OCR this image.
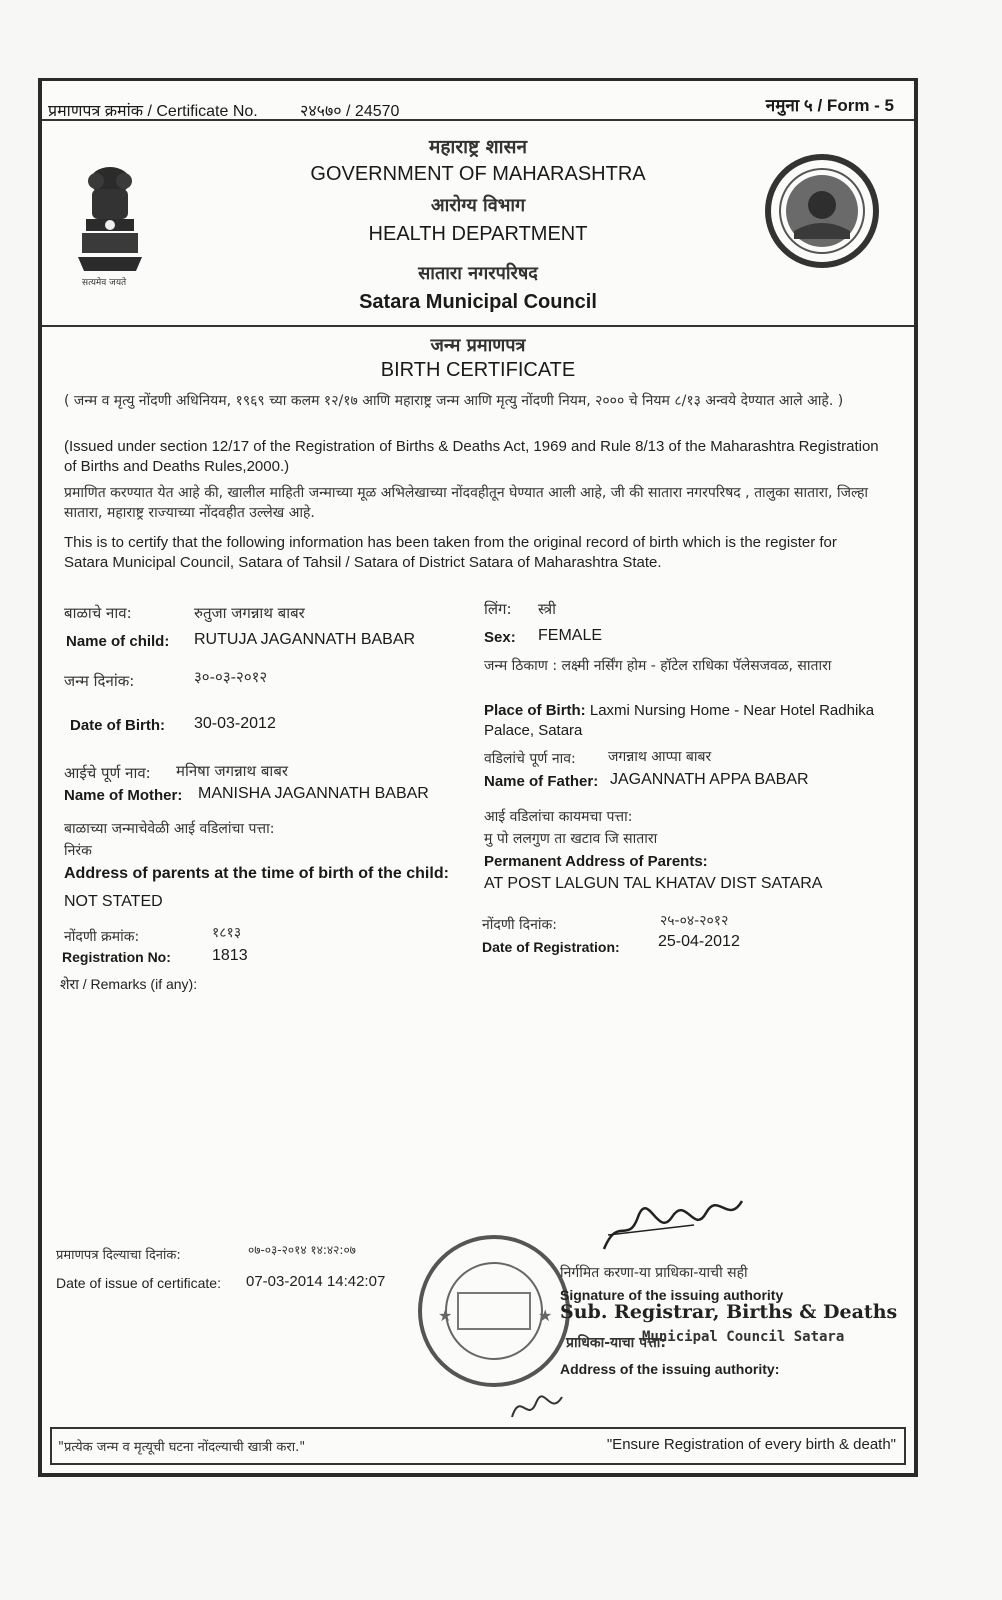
प्रमाणपत्र क्रमांक / Certificate No.	२४५७० / 24570	नमुना ५ / Form - 5
सत्यमेव जयते
महाराष्ट्र शासन
GOVERNMENT OF MAHARASHTRA
आरोग्य विभाग
HEALTH DEPARTMENT
सातारा नगरपरिषद
Satara Municipal Council
जन्म प्रमाणपत्र
BIRTH CERTIFICATE
( जन्म व मृत्यु नोंदणी अधिनियम, १९६९ च्या कलम १२/१७ आणि महाराष्ट्र जन्म आणि मृत्यु नोंदणी नियम, २००० चे नियम ८/१३ अन्वये देण्यात आले आहे. )
(Issued under section 12/17 of the Registration of Births & Deaths Act, 1969 and Rule 8/13 of the Maharashtra Registration of Births and Deaths Rules,2000.)
प्रमाणित करण्यात येत आहे की, खालील माहिती जन्माच्या मूळ अभिलेखाच्या नोंदवहीतून घेण्यात आली आहे, जी की सातारा नगरपरिषद , तालुका सातारा, जिल्हा सातारा, महाराष्ट्र राज्याच्या नोंदवहीत उल्लेख आहे.
This is to certify that the following information has been taken from the original record of birth which is the register for Satara Municipal Council, Satara of Tahsil / Satara of District Satara of Maharashtra State.
बाळाचे नाव:	रुतुजा जगन्नाथ बाबर
Name of child: RUTUJA JAGANNATH BABAR
जन्म दिनांक:	३०-०३-२०१२
Date of Birth: 30-03-2012
आईचे पूर्ण नाव: मनिषा जगन्नाथ बाबर
Name of Mother: MANISHA JAGANNATH BABAR
बाळाच्या जन्माचेवेळी आई वडिलांचा पत्ता:
निरंक
Address of parents at the time of birth of the child:
NOT STATED
नोंदणी क्रमांक:	१८१३
Registration No:	1813
शेरा / Remarks (if any):
लिंग: स्त्री
Sex: FEMALE
जन्म ठिकाण : लक्ष्मी नर्सिंग होम - हॉटेल राधिका पॅलेसजवळ, सातारा
Place of Birth: Laxmi Nursing Home - Near Hotel Radhika Palace, Satara
वडिलांचे पूर्ण नाव: जगन्नाथ आप्पा बाबर
Name of Father: JAGANNATH APPA BABAR
आई वडिलांचा कायमचा पत्ता:
मु पो ललगुण ता खटाव जि सातारा
Permanent Address of Parents:
AT POST LALGUN TAL KHATAV DIST SATARA
नोंदणी दिनांक:	२५-०४-२०१२
Date of Registration: 25-04-2012
प्रमाणपत्र दिल्याचा दिनांक:	०७-०३-२०१४ १४:४२:०७
Date of issue of certificate: 07-03-2014 14:42:07
★	★
निर्गमित करणा-या प्राधिका-याची सही
Signature of the issuing authority
Sub. Registrar, Births & Deaths
प्राधिका-याचा पत्ता:
Municipal Council Satara
Address of the issuing authority:
"प्रत्येक जन्म व मृत्यूची घटना नोंदल्याची खात्री करा."	"Ensure Registration of every birth & death"
